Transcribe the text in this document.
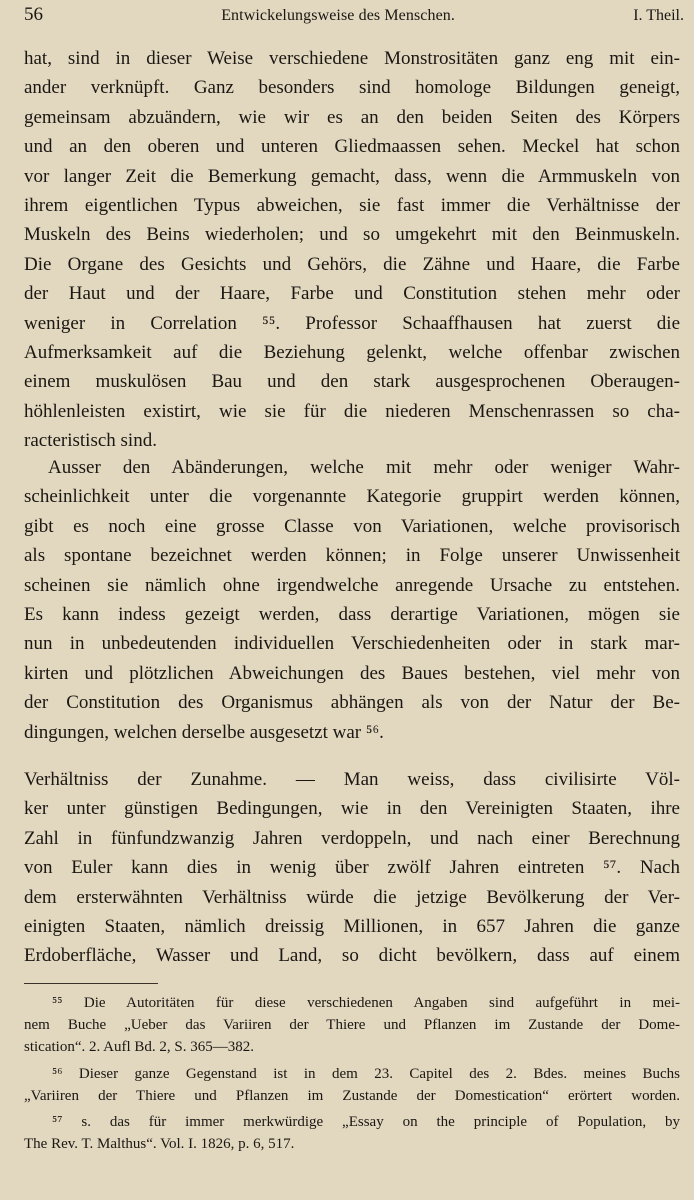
56	Entwickelungsweise des Menschen.	I. Theil.
hat, sind in dieser Weise verschiedene Monstrositäten ganz eng mit ein-
ander verknüpft. Ganz besonders sind homologe Bildungen geneigt,
gemeinsam abzuändern, wie wir es an den beiden Seiten des Körpers
und an den oberen und unteren Gliedmaassen sehen. Meckel hat schon
vor langer Zeit die Bemerkung gemacht, dass, wenn die Armmuskeln von
ihrem eigentlichen Typus abweichen, sie fast immer die Verhältnisse der
Muskeln des Beins wiederholen; und so umgekehrt mit den Beinmuskeln.
Die Organe des Gesichts und Gehörs, die Zähne und Haare, die Farbe
der Haut und der Haare, Farbe und Constitution stehen mehr oder
weniger in Correlation ⁵⁵. Professor Schaaffhausen hat zuerst die
Aufmerksamkeit auf die Beziehung gelenkt, welche offenbar zwischen
einem muskulösen Bau und den stark ausgesprochenen Oberaugen-
höhlenleisten existirt, wie sie für die niederen Menschenrassen so cha-
racteristisch sind.
Ausser den Abänderungen, welche mit mehr oder weniger Wahr-
scheinlichkeit unter die vorgenannte Kategorie gruppirt werden können,
gibt es noch eine grosse Classe von Variationen, welche provisorisch
als spontane bezeichnet werden können; in Folge unserer Unwissenheit
scheinen sie nämlich ohne irgendwelche anregende Ursache zu entstehen.
Es kann indess gezeigt werden, dass derartige Variationen, mögen sie
nun in unbedeutenden individuellen Verschiedenheiten oder in stark mar-
kirten und plötzlichen Abweichungen des Baues bestehen, viel mehr von
der Constitution des Organismus abhängen als von der Natur der Be-
dingungen, welchen derselbe ausgesetzt war ⁵⁶.
Verhältniss der Zunahme. — Man weiss, dass civilisirte Völ-
ker unter günstigen Bedingungen, wie in den Vereinigten Staaten, ihre
Zahl in fünfundzwanzig Jahren verdoppeln, und nach einer Berechnung
von Euler kann dies in wenig über zwölf Jahren eintreten ⁵⁷. Nach
dem ersterwähnten Verhältniss würde die jetzige Bevölkerung der Ver-
einigten Staaten, nämlich dreissig Millionen, in 657 Jahren die ganze
Erdoberfläche, Wasser und Land, so dicht bevölkern, dass auf einem
⁵⁵ Die Autoritäten für diese verschiedenen Angaben sind aufgeführt in mei-
nem Buche „Ueber das Variiren der Thiere und Pflanzen im Zustande der Dome-
stication“. 2. Aufl Bd. 2, S. 365—382.
⁵⁶ Dieser ganze Gegenstand ist in dem 23. Capitel des 2. Bdes. meines Buchs
„Variiren der Thiere und Pflanzen im Zustande der Domestication“ erörtert worden.
⁵⁷ s. das für immer merkwürdige „Essay on the principle of Population, by
The Rev. T. Malthus“. Vol. I. 1826, p. 6, 517.
